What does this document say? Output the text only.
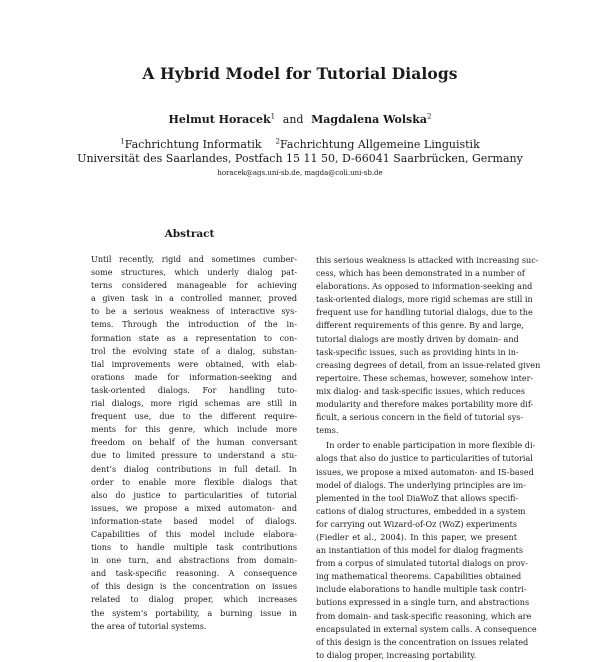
A Hybrid Model for Tutorial Dialogs
Helmut Horacek$^1$ and Magdalena Wolska$^2$
$^1$Fachrichtung Informatik $^2$Fachrichtung Allgemeine Linguistik
Universität des Saarlandes, Postfach 15 11 50, D-66041 Saarbrücken, Germany
horacek@ags.uni-sb.de, magda@coli.uni-sb.de
Abstract
Until recently, rigid and sometimes cumber-
some structures, which underly dialog pat-
terns considered manageable for achieving
a given task in a controlled manner, proved
to be a serious weakness of interactive sys-
tems. Through the introduction of the in-
formation state as a representation to con-
trol the evolving state of a dialog, substan-
tial improvements were obtained, with elab-
orations made for information-seeking and
task-oriented dialogs. For handling tuto-
rial dialogs, more rigid schemas are still in
frequent use, due to the different require-
ments for this genre, which include more
freedom on behalf of the human conversant
due to limited pressure to understand a stu-
dent’s dialog contributions in full detail. In
order to enable more flexible dialogs that
also do justice to particularities of tutorial
issues, we propose a mixed automaton- and
information-state based model of dialogs.
Capabilities of this model include elabora-
tions to handle multiple task contributions
in one turn, and abstractions from domain-
and task-specific reasoning. A consequence
of this design is the concentration on issues
related to dialog proper, which increases
the system’s portability, a burning issue in
the area of tutorial systems.
this serious weakness is attacked with increasing suc-
cess, which has been demonstrated in a number of
elaborations. As opposed to information-seeking and
task-oriented dialogs, more rigid schemas are still in
frequent use for handling tutorial dialogs, due to the
different requirements of this genre. By and large,
tutorial dialogs are mostly driven by domain- and
task-specific issues, such as providing hints in in-
creasing degrees of detail, from an issue-related given
repertoire. These schemas, however, somehow inter-
mix dialog- and task-specific issues, which reduces
modularity and therefore makes portability more dif-
ficult, a serious concern in the field of tutorial sys-
tems.
In order to enable participation in more flexible di-
alogs that also do justice to particularities of tutorial
issues, we propose a mixed automaton- and IS-based
model of dialogs. The underlying principles are im-
plemented in the tool DiaWoZ that allows specifi-
cations of dialog structures, embedded in a system
for carrying out Wizard-of-Oz (WoZ) experiments
(Fiedler et al., 2004). In this paper, we present
an instantiation of this model for dialog fragments
from a corpus of simulated tutorial dialogs on prov-
ing mathematical theorems. Capabilities obtained
include elaborations to handle multiple task contri-
butions expressed in a single turn, and abstractions
from domain- and task-specific reasoning, which are
encapsulated in external system calls. A consequence
of this design is the concentration on issues related
to dialog proper, increasing portability.
